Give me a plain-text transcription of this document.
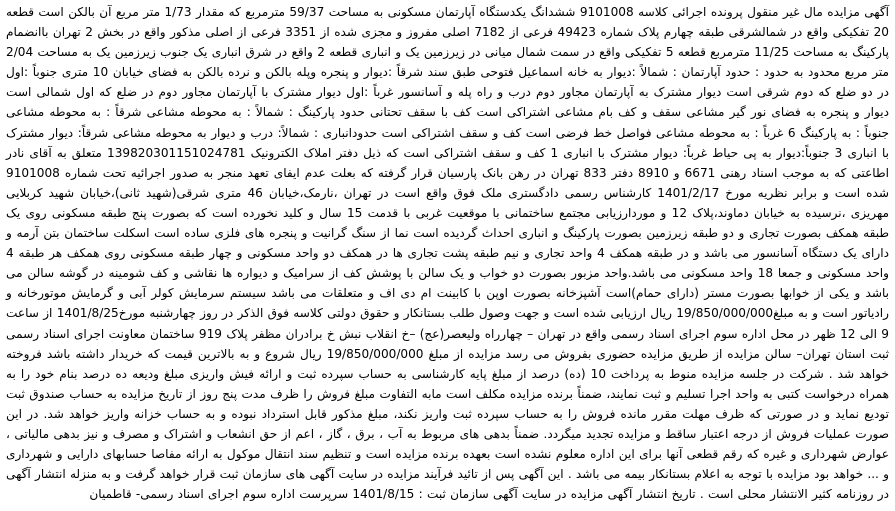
آگهی مزایده مال غیر منقول پرونده اجرائی کلاسه 9101008 ششدانگ یکدستگاه آپارتمان مسکونی به مساحت 59/37 مترمربع که مقدار 1/73 متر مربع آن بالکن است قطعه 20 تفکیکی واقع در شمالشرقی طبقه چهارم پلاک شماره 49423 فرعی از 7182 اصلی مفروز و مجزی شده از 3351 فرعی از اصلی مذکور واقع در بخش 2 تهران باانضمام پارکینگ به مساحت 11/25 مترمربع قطعه 5 تفکیکی واقع در سمت شمال میانی در زیرزمین یک و انباری قطعه 2 واقع در شرق انباری یک جنوب زیرزمین یک به مساحت 2/04 متر مربع محدود به حدود : حدود آپارتمان : شمالاً :دیوار به خانه اسماعیل فتوحی طبق سند شرقاً :دیوار و پنجره وپله بالکن و نرده بالکن به فضای خیابان 10 متری جنوباً :اول در دو ضلع که دوم شرقی است دیوار مشترک به آپارتمان مجاور دوم درب و راه پله و آسانسور غرباً :اول دیوار مشترک با آپارتمان مجاور دوم در ضلع که اول شمالی است دیوار و پنجره به فضای نور گیر مشاعی سقف و کف بام مشاعی اشتراکی است کف با سقف تحتانی حدود پارکینگ : شمالاً : به محوطه مشاعی شرقاً : به محوطه مشاعی جنوباً : به پارکینگ 6 غرباً : به محوطه مشاعی فواصل خط فرضی است کف و سقف اشتراکی است حدودانباری : شمالاً: درب و دیوار به محوطه مشاعی شرقاً: دیوار مشترک با انباری 3 جنوباً:دیوار به پی حیاط غرباً: دیوار مشترک با انباری 1 کف و سقف اشتراکی است که ذیل دفتر املاک الکترونیک 139820301151024781 متعلق به آقای نادر اطاعتی که به موجب اسناد رهنی 6671 و 8910 دفتر 833 تهران در رهن بانک پارسیان قرار گرفته که بعلت عدم ایفای تعهد منجر به صدور اجرائیه تحت شماره 9101008 شده است و برابر نظریه مورخ 1401/2/17 کارشناس رسمی دادگستری ملک فوق واقع است در تهران ،نارمک،خیابان 46 متری شرقی(شهید ثانی)،خیابان شهید کربلایی مهریزی ،نرسیده به خیابان دماوند،پلاک 12 و موردارزیابی مجتمع ساختمانی با موقعیت غربی با قدمت 15 سال و کلید نخورده است که بصورت پنج طبقه مسکونی روی یک طبقه همکف بصورت تجاری و دو طبقه زیرزمین بصورت پارکینگ و انباری احداث گردیده است نما از سنگ گرانیت و پنجره های فلزی ساده است اسکلت ساختمان بتن آرمه و دارای یک دستگاه آسانسور می باشد و در طبقه همکف 4 واحد تجاری و نیم طبقه پشت تجاری ها در همکف دو واحد مسکونی و چهار طبقه مسکونی روی همکف هر طبقه 4 واحد مسکونی و جمعا 18 واحد مسکونی می باشد.واحد مزبور بصورت دو خواب و یک سالن با پوشش کف از سرامیک و دیواره ها نقاشی و کف شومینه در گوشه سالن می باشد و یکی از خوابها بصورت مستر (دارای حمام)است آشپزخانه بصورت اوپن با کابینت ام دی اف و متعلقات می باشد سیستم سرمایش کولر آبی و گرمایش موتورخانه و رادیاتور است و به مبلغ19/850/000/000 ریال ارزیابی شده است و جهت وصول طلب بستانکار و حقوق دولتی کلاسه فوق الذکر در روز چهارشنبه مورخ1401/8/25 از ساعت 9 الی 12 ظهر در محل اداره سوم اجرای اسناد رسمی واقع در تهران – چهارراه ولیعصر(عج) –خ انقلاب نبش خ برادران مظفر پلاک 919 ساختمان معاونت اجرای اسناد رسمی ثبت استان تهران– سالن مزایده از طریق مزایده حضوری بفروش می رسد مزایده از مبلغ 19/850/000/000 ریال شروع و به بالاترین قیمت که خریدار داشته باشد فروخته خواهد شد . شرکت در جلسه مزایده منوط به پرداخت 10 (ده) درصد از مبلغ پایه کارشناسی به حساب سپرده ثبت و ارائه فیش واریزی مبلغ ودیعه ده درصد بنام خود را به همراه درخواست کتبی به واحد اجرا تسلیم و ثبت نمایند، ضمناً برنده مزایده مکلف است مابه التفاوت مبلغ فروش را ظرف مدت پنج روز از تاریخ مزایده به حساب صندوق ثبت تودیع نماید و در صورتی که ظرف مهلت مقرر مانده فروش را به حساب سپرده ثبت واریز نکند، مبلغ مذکور قابل استرداد نبوده و به حساب خزانه واریز خواهد شد. در این صورت عملیات فروش از درجه اعتبار ساقط و مزایده تجدید میگردد. ضمناً بدهی های مربوط به آب ، برق ، گاز ، اعم از حق انشعاب و اشتراک و مصرف و نیز بدهی مالیاتی ، عوارض شهرداری و غیره که رقم قطعی آنها برای این اداره معلوم نشده است بعهده برنده مزایده است و تنظیم سند انتقال موکول به ارائه مفاصا حسابهای دارایی و شهرداری و ... خواهد بود مزایده با توجه به اعلام بستانکار بیمه می باشد . این آگهی پس از تائید فرآیند مزایده در سایت آگهی های سازمان ثبت قرار خواهد گرفت و به منزله انتشار آگهی در روزنامه کثیر الانتشار محلی است . تاریخ انتشار آگهی مزایده در سایت آگهی سازمان ثبت : 1401/8/15 سرپرست اداره سوم اجرای اسناد رسمی- قاطمیان
